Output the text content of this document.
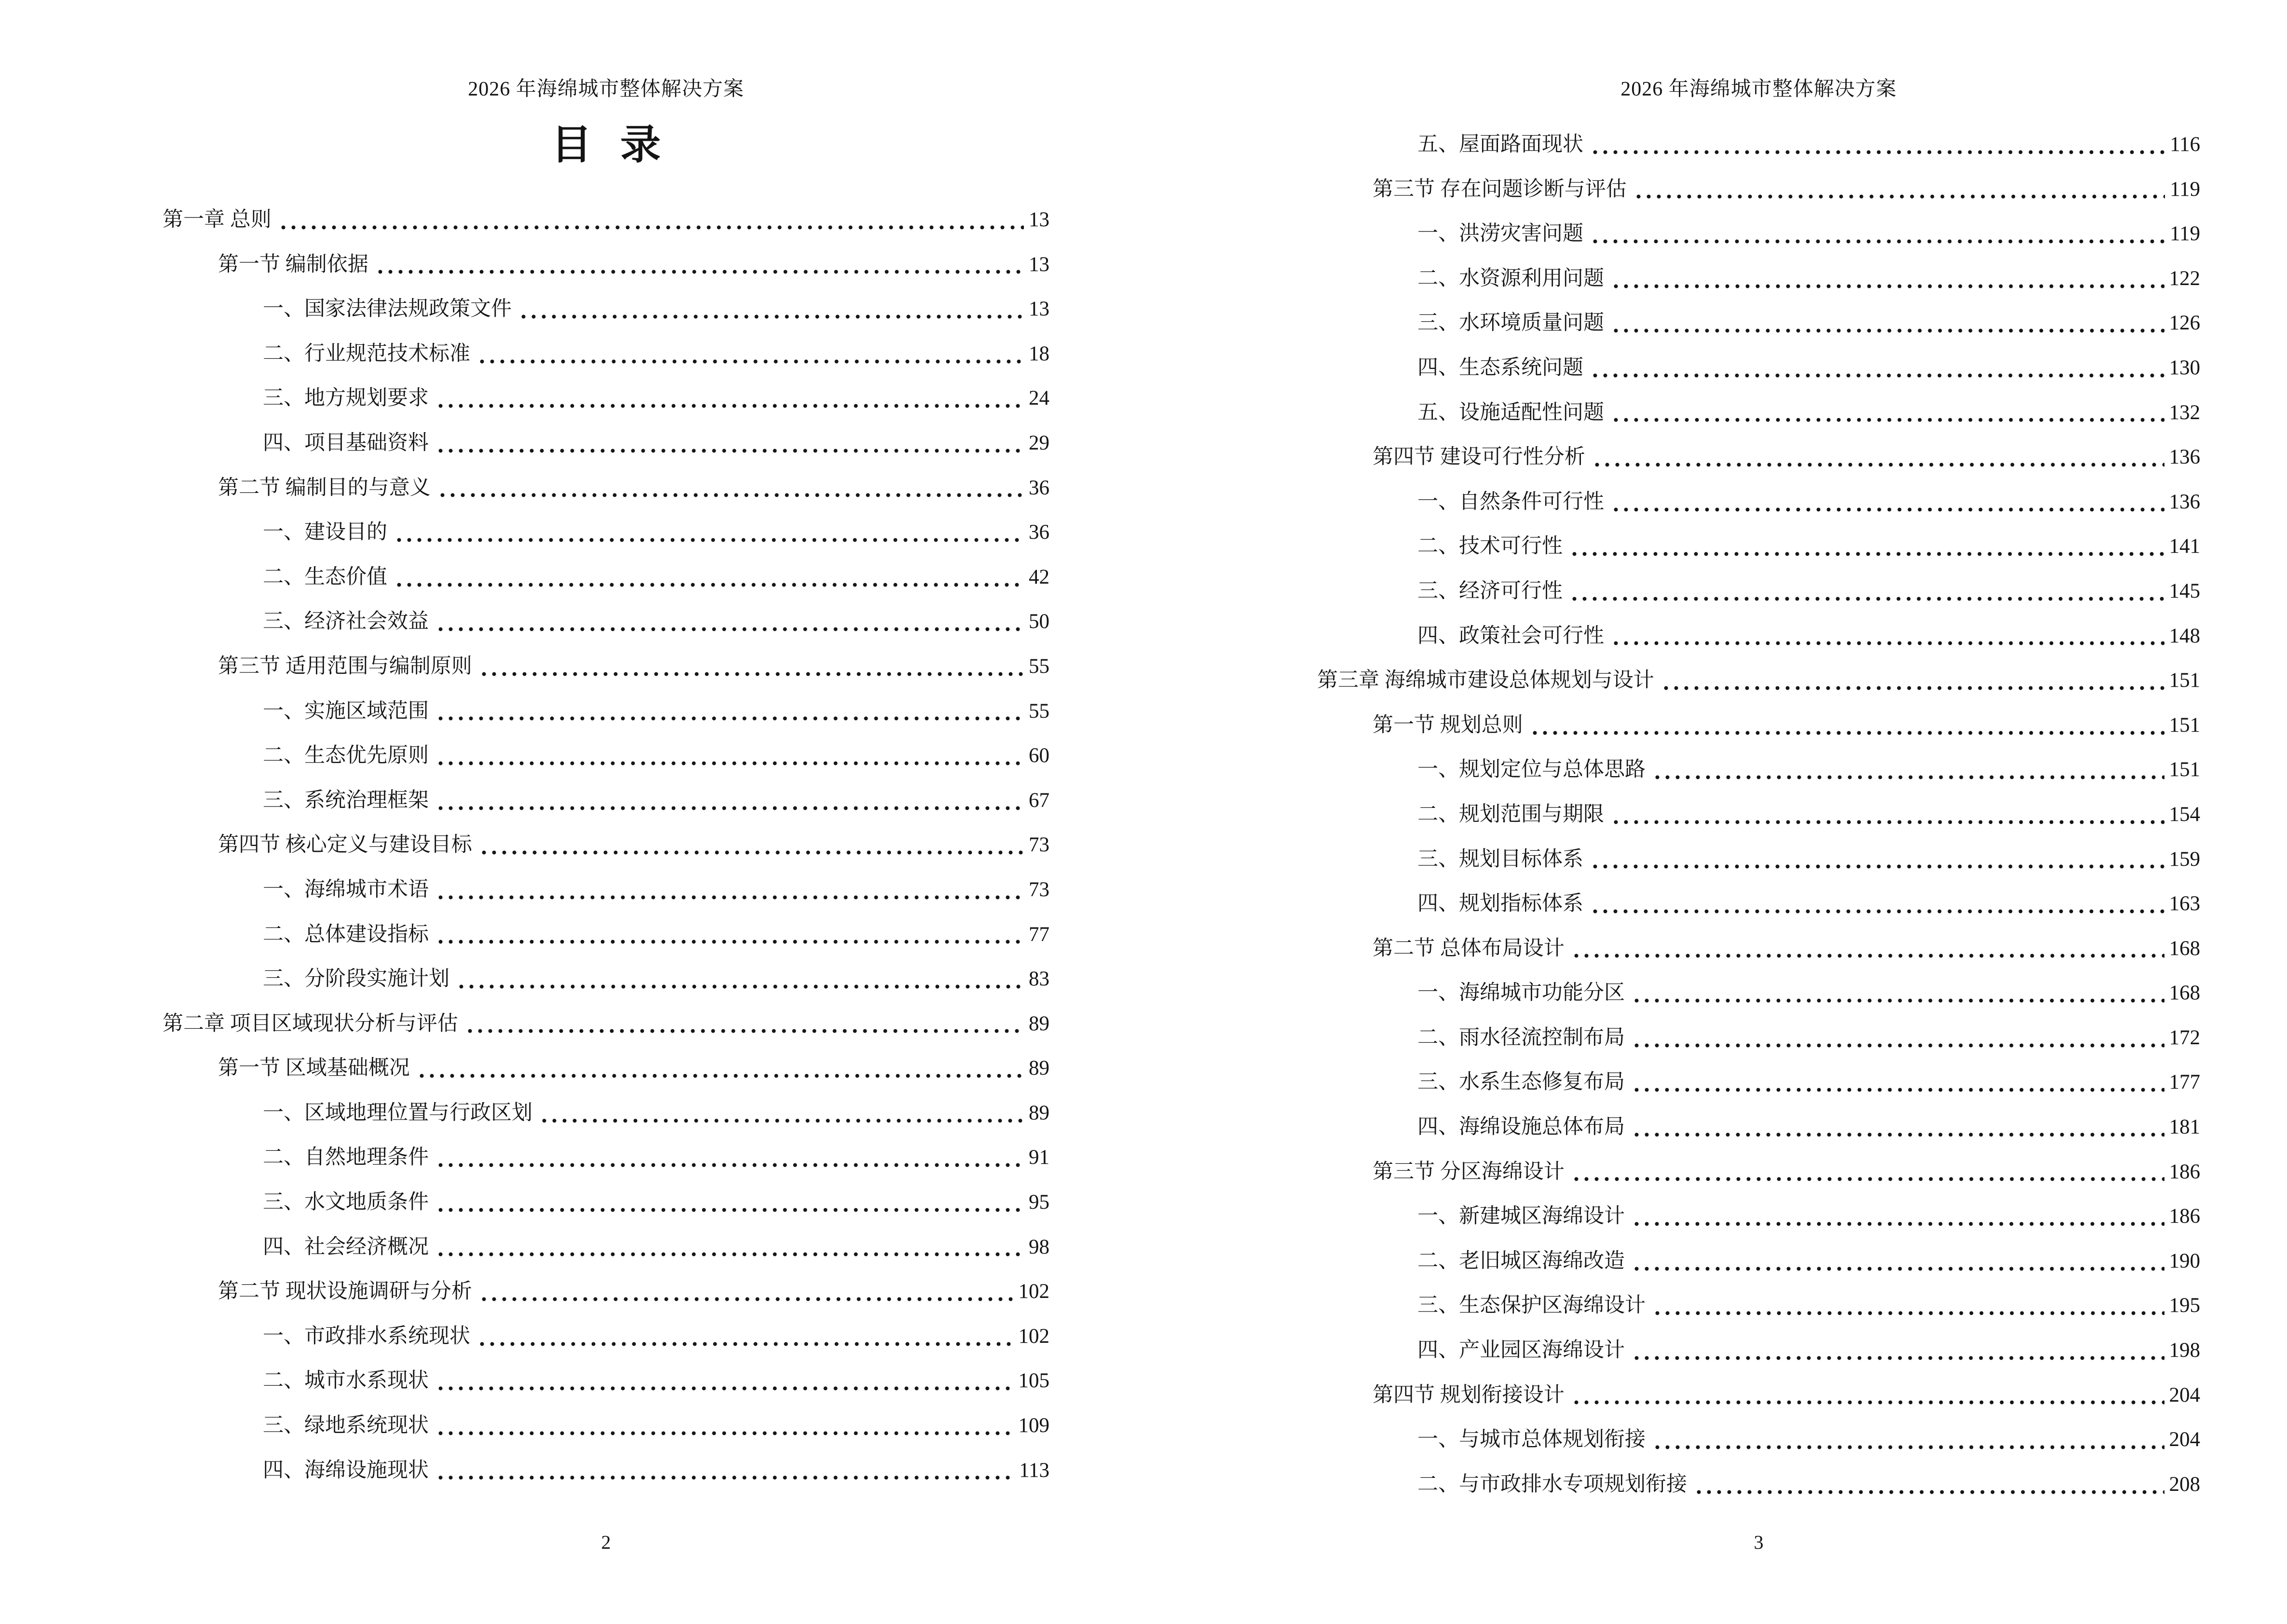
2026 年海绵城市整体解决方案
目 录
第一章 总则	13
第一节 编制依据	13
一、国家法律法规政策文件	13
二、行业规范技术标准	18
三、地方规划要求	24
四、项目基础资料	29
第二节 编制目的与意义	36
一、建设目的	36
二、生态价值	42
三、经济社会效益	50
第三节 适用范围与编制原则	55
一、实施区域范围	55
二、生态优先原则	60
三、系统治理框架	67
第四节 核心定义与建设目标	73
一、海绵城市术语	73
二、总体建设指标	77
三、分阶段实施计划	83
第二章 项目区域现状分析与评估	89
第一节 区域基础概况	89
一、区域地理位置与行政区划	89
二、自然地理条件	91
三、水文地质条件	95
四、社会经济概况	98
第二节 现状设施调研与分析	102
一、市政排水系统现状	102
二、城市水系现状	105
三、绿地系统现状	109
四、海绵设施现状	113
2
2026 年海绵城市整体解决方案
五、屋面路面现状	116
第三节 存在问题诊断与评估	119
一、洪涝灾害问题	119
二、水资源利用问题	122
三、水环境质量问题	126
四、生态系统问题	130
五、设施适配性问题	132
第四节 建设可行性分析	136
一、自然条件可行性	136
二、技术可行性	141
三、经济可行性	145
四、政策社会可行性	148
第三章 海绵城市建设总体规划与设计	151
第一节 规划总则	151
一、规划定位与总体思路	151
二、规划范围与期限	154
三、规划目标体系	159
四、规划指标体系	163
第二节 总体布局设计	168
一、海绵城市功能分区	168
二、雨水径流控制布局	172
三、水系生态修复布局	177
四、海绵设施总体布局	181
第三节 分区海绵设计	186
一、新建城区海绵设计	186
二、老旧城区海绵改造	190
三、生态保护区海绵设计	195
四、产业园区海绵设计	198
第四节 规划衔接设计	204
一、与城市总体规划衔接	204
二、与市政排水专项规划衔接	208
3
